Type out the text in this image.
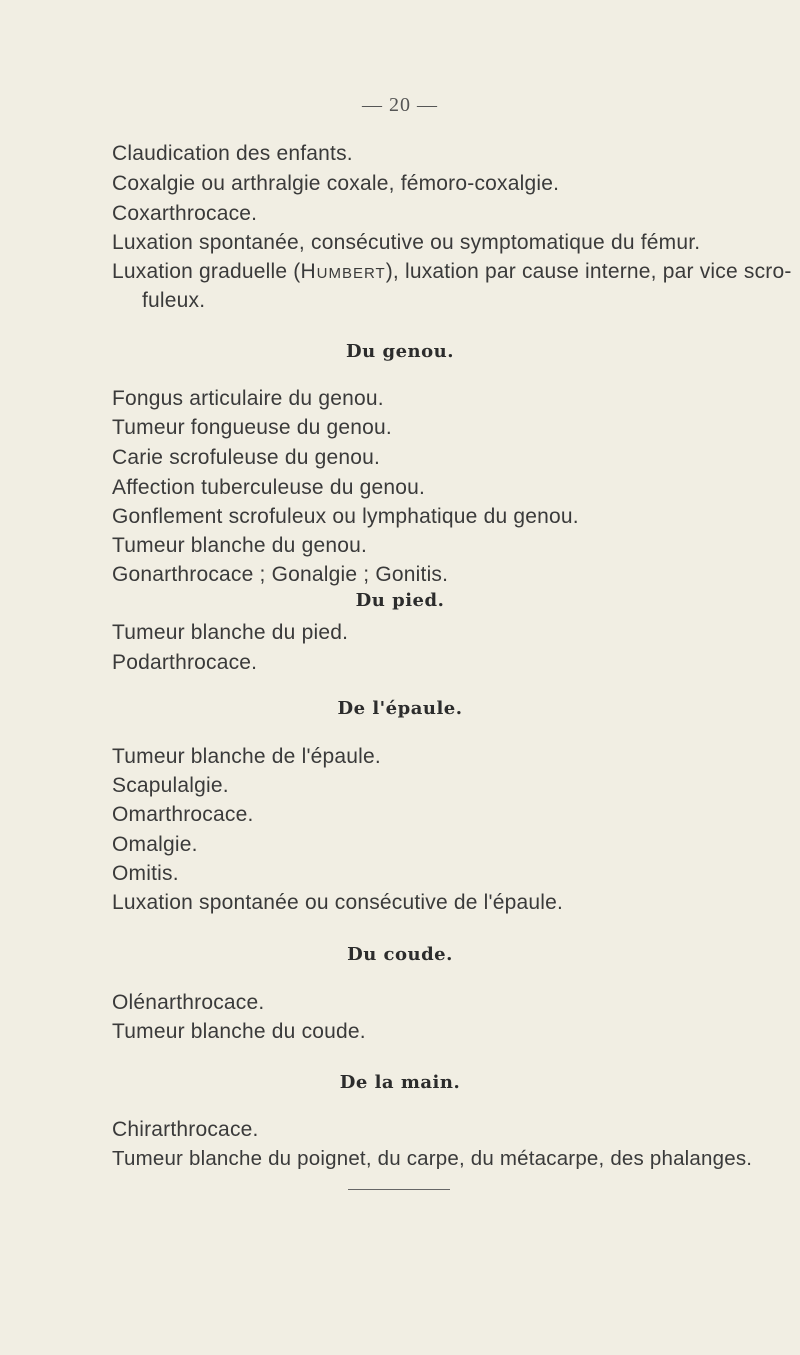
— 20 —
Claudication des enfants.
Coxalgie ou arthralgie coxale, fémoro-coxalgie.
Coxarthrocace.
Luxation spontanée, consécutive ou symptomatique du fémur.
Luxation graduelle (Humbert), luxation par cause interne, par vice scro-
fuleux.
Du genou.
Fongus articulaire du genou.
Tumeur fongueuse du genou.
Carie scrofuleuse du genou.
Affection tuberculeuse du genou.
Gonflement scrofuleux ou lymphatique du genou.
Tumeur blanche du genou.
Gonarthrocace ; Gonalgie ; Gonitis.
Du pied.
Tumeur blanche du pied.
Podarthrocace.
De l'épaule.
Tumeur blanche de l'épaule.
Scapulalgie.
Omarthrocace.
Omalgie.
Omitis.
Luxation spontanée ou consécutive de l'épaule.
Du coude.
Olénarthrocace.
Tumeur blanche du coude.
De la main.
Chirarthrocace.
Tumeur blanche du poignet, du carpe, du métacarpe, des phalanges.
